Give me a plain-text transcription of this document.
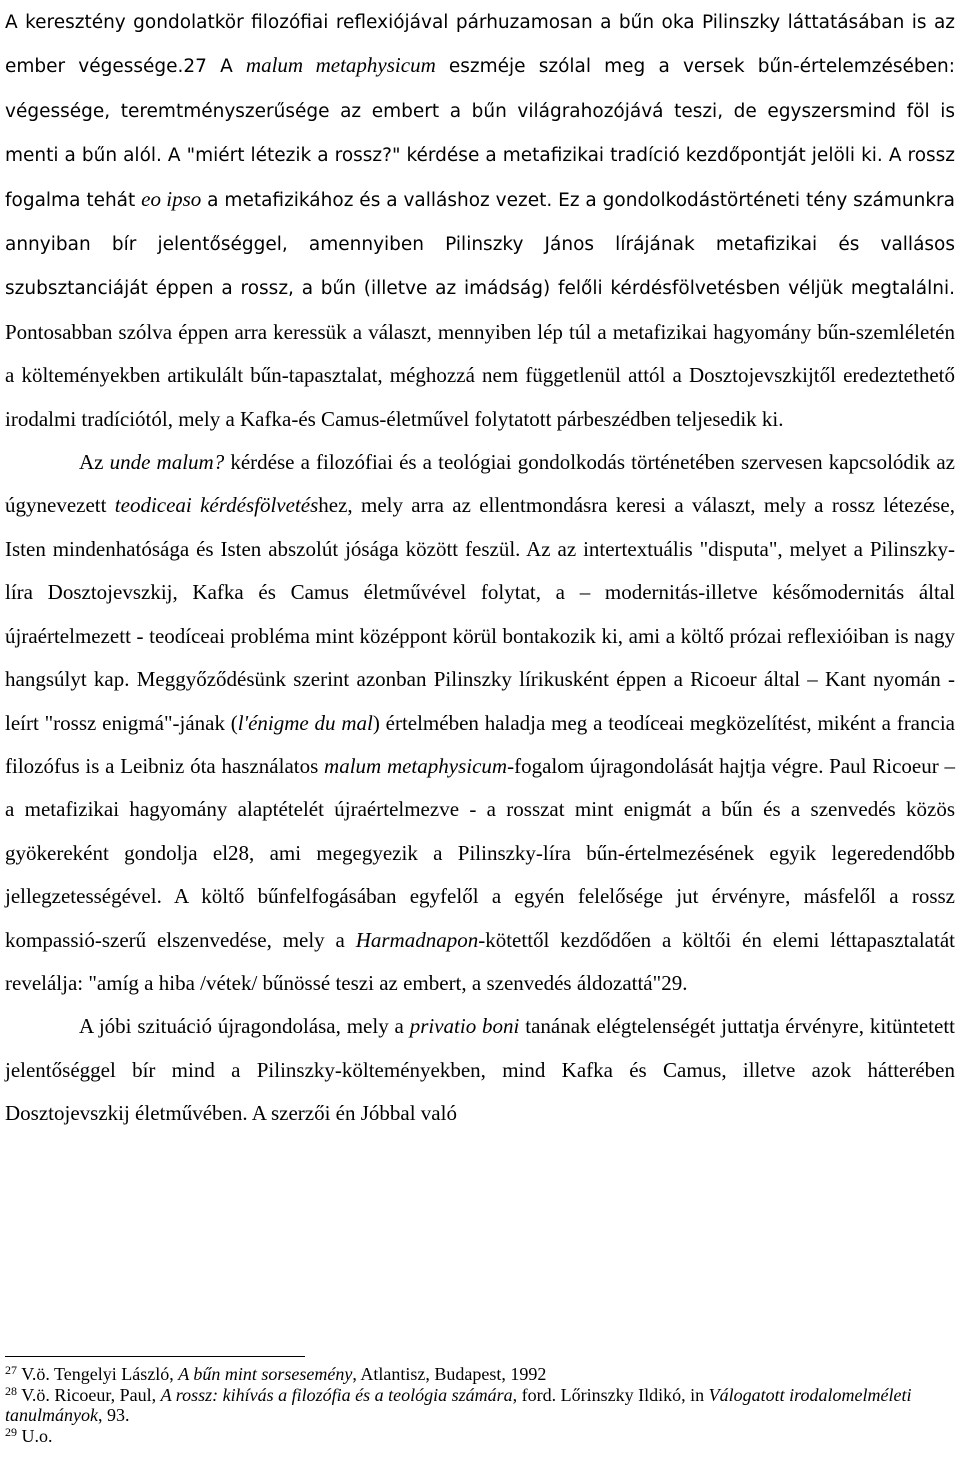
A keresztény gondolatkör filozófiai reflexiójával párhuzamosan a bűn oka Pilinszky láttatásában is az ember végessége.27 A malum metaphysicum eszméje szólal meg a versek bűn-értelemzésében: végessége, teremtményszerűsége az embert a bűn világrahozójává teszi, de egyszersmind föl is menti a bűn alól. A "miért létezik a rossz?" kérdése a metafizikai tradíció kezdőpontját jelöli ki. A rossz fogalma tehát eo ipso a metafizikához és a valláshoz vezet. Ez a gondolkodástörténeti tény számunkra annyiban bír jelentőséggel, amennyiben Pilinszky János lírájának metafizikai és vallásos szubsztanciáját éppen a rossz, a bűn (illetve az imádság) felőli kérdésfölvetésben véljük megtalálni. Pontosabban szólva éppen arra keressük a választ, mennyiben lép túl a metafizikai hagyomány bűn-szemléletén a költeményekben artikulált bűn-tapasztalat, méghozzá nem függetlenül attól a Dosztojevszkijtől eredeztethető irodalmi tradíciótól, mely a Kafka-és Camus-életművel folytatott párbeszédben teljesedik ki.

Az unde malum? kérdése a filozófiai és a teológiai gondolkodás történetében szervesen kapcsolódik az úgynevezett teodiceai kérdésfölvetéshez, mely arra az ellentmondásra keresi a választ, mely a rossz létezése, Isten mindenhatósága és Isten abszolút jósága között feszül. Az az intertextuális "disputa", melyet a Pilinszky-líra Dosztojevszkij, Kafka és Camus életművével folytat, a – modernitás-illetve későmodernitás által újraértelmezett - teodíceai probléma mint középpont körül bontakozik ki, ami a költő prózai reflexióiban is nagy hangsúlyt kap. Meggyőződésünk szerint azonban Pilinszky lírikusként éppen a Ricoeur által – Kant nyomán - leírt "rossz enigmá"-jának (l'énigme du mal) értelmében haladja meg a teodíceai megközelítést, miként a francia filozófus is a Leibniz óta használatos malum metaphysicum-fogalom újragondolását hajtja végre. Paul Ricoeur – a metafizikai hagyomány alaptételét újraértelmezve - a rosszat mint enigmát a bűn és a szenvedés közös gyökereként gondolja el28, ami megegyezik a Pilinszky-líra bűn-értelmezésének egyik legeredendőbb jellegzetességével. A költő bűnfelfogásában egyfelől a egyén felelősége jut érvényre, másfelől a rossz kompassió-szerű elszenvedése, mely a Harmadnapon-kötettől kezdődően a költői én elemi léttapasztalatát revelálja: "amíg a hiba /vétek/ bűnössé teszi az embert, a szenvedés áldozattá"29.

A jóbi szituáció újragondolása, mely a privatio boni tanának elégtelenségét juttatja érvényre, kitüntetett jelentőséggel bír mind a Pilinszky-költeményekben, mind Kafka és Camus, illetve azok hátterében Dosztojevszkij életművében. A szerzői én Jóbbal való

$^{27}$ V.ö. Tengelyi László, A bűn mint sorsesemény, Atlantisz, Budapest, 1992
$^{28}$ V.ö. Ricoeur, Paul, A rossz: kihívás a filozófia és a teológia számára, ford. Lőrinszky Ildikó, in Válogatott irodalomelméleti tanulmányok, 93.
$^{29}$ U.o.
